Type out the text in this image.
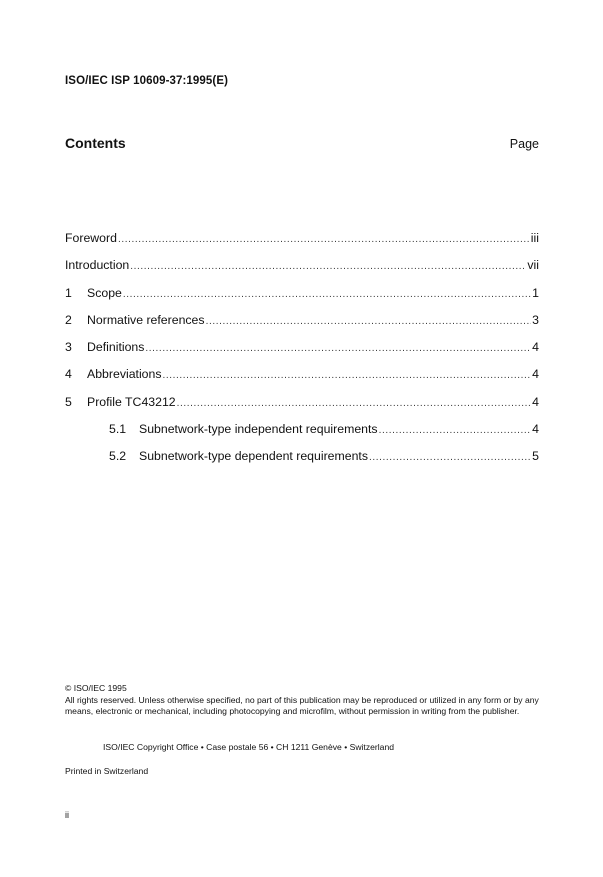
ISO/IEC ISP 10609-37:1995(E)
Contents	Page
Foreword .....	iii
Introduction .....	vii
1	Scope .....	1
2	Normative references .....	3
3	Definitions .....	4
4	Abbreviations .....	4
5	Profile TC43212 .....	4
5.1	Subnetwork-type independent requirements .....	4
5.2	Subnetwork-type dependent requirements .....	5

© ISO/IEC 1995

All rights reserved. Unless otherwise specified, no part of this publication may be reproduced or utilized in any form or by any means, electronic or mechanical, including photocopying and microfilm, without permission in writing from the publisher.

ISO/IEC Copyright Office • Case postale 56 • CH 1211 Genève • Switzerland
Printed in Switzerland
ii
